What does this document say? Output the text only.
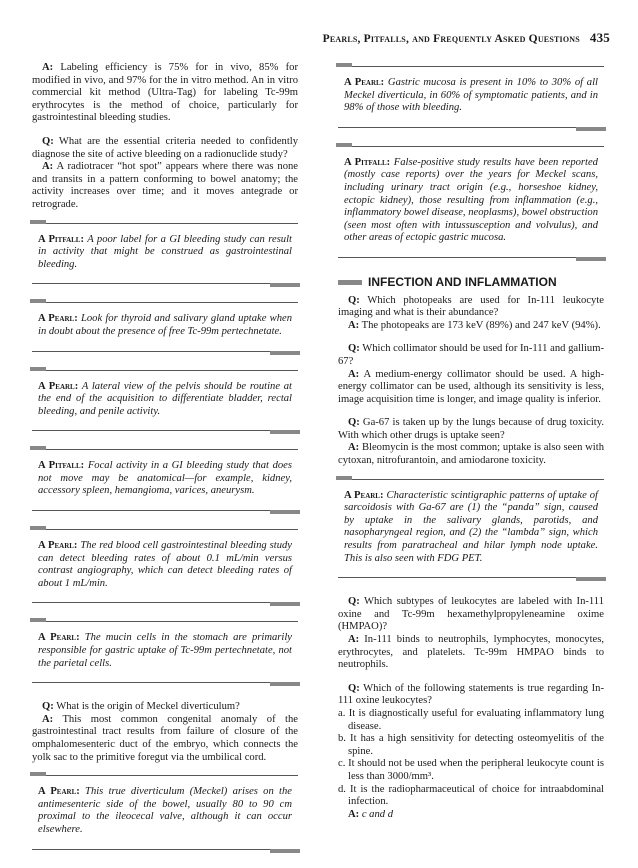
Pearls, Pitfalls, and Frequently Asked Questions 435

A: Labeling efficiency is 75% for in vivo, 85% for modified in vivo, and 97% for the in vitro method. An in vitro commercial kit method (Ultra-Tag) for labeling Tc-99m erythrocytes is the method of choice, particularly for gastrointestinal bleeding studies.

Q: What are the essential criteria needed to confidently diagnose the site of active bleeding on a radionuclide study?

A: A radiotracer “hot spot” appears where there was none and transits in a pattern conforming to bowel anatomy; the activity increases over time; and it moves antegrade or retrograde.

A Pitfall: A poor label for a GI bleeding study can result in activity that might be construed as gastrointestinal bleeding.

A Pearl: Look for thyroid and salivary gland uptake when in doubt about the presence of free Tc-99m pertechnetate.

A Pearl: A lateral view of the pelvis should be routine at the end of the acquisition to differentiate bladder, rectal bleeding, and penile activity.

A Pitfall: Focal activity in a GI bleeding study that does not move may be anatomical—for example, kidney, accessory spleen, hemangioma, varices, aneurysm.

A Pearl: The red blood cell gastrointestinal bleeding study can detect bleeding rates of about 0.1 mL/min versus contrast angiography, which can detect bleeding rates of about 1 mL/min.

A Pearl: The mucin cells in the stomach are primarily responsible for gastric uptake of Tc-99m pertechnetate, not the parietal cells.

Q: What is the origin of Meckel diverticulum?

A: This most common congenital anomaly of the gastrointestinal tract results from failure of closure of the omphalomesenteric duct of the embryo, which connects the yolk sac to the primitive foregut via the umbilical cord.

A Pearl: This true diverticulum (Meckel) arises on the antimesenteric side of the bowel, usually 80 to 90 cm proximal to the ileocecal valve, although it can occur elsewhere.

A Pearl: Gastric mucosa is present in 10% to 30% of all Meckel diverticula, in 60% of symptomatic patients, and in 98% of those with bleeding.

A Pitfall: False-positive study results have been reported (mostly case reports) over the years for Meckel scans, including urinary tract origin (e.g., horseshoe kidney, ectopic kidney), those resulting from inflammation (e.g., inflammatory bowel disease, neoplasms), bowel obstruction (seen most often with intussusception and volvulus), and other areas of ectopic gastric mucosa.

INFECTION AND INFLAMMATION

Q: Which photopeaks are used for In-111 leukocyte imaging and what is their abundance?

A: The photopeaks are 173 keV (89%) and 247 keV (94%).

Q: Which collimator should be used for In-111 and gallium-67?

A: A medium-energy collimator should be used. A high-energy collimator can be used, although its sensitivity is less, image acquisition time is longer, and image quality is inferior.

Q: Ga-67 is taken up by the lungs because of drug toxicity. With which other drugs is uptake seen?

A: Bleomycin is the most common; uptake is also seen with cytoxan, nitrofurantoin, and amiodarone toxicity.

A Pearl: Characteristic scintigraphic patterns of uptake of sarcoidosis with Ga-67 are (1) the “panda” sign, caused by uptake in the salivary glands, parotids, and nasopharyngeal region, and (2) the “lambda” sign, which results from paratracheal and hilar lymph node uptake. This is also seen with FDG PET.

Q: Which subtypes of leukocytes are labeled with In-111 oxine and Tc-99m hexamethylpropyleneamine oxime (HMPAO)?

A: In-111 binds to neutrophils, lymphocytes, monocytes, erythrocytes, and platelets. Tc-99m HMPAO binds to neutrophils.

Q: Which of the following statements is true regarding In-111 oxine leukocytes?

a. It is diagnostically useful for evaluating inflammatory lung disease.
b. It has a high sensitivity for detecting osteomyelitis of the spine.
c. It should not be used when the peripheral leukocyte count is less than 3000/mm³.
d. It is the radiopharmaceutical of choice for intraabdominal infection.

A: c and d
